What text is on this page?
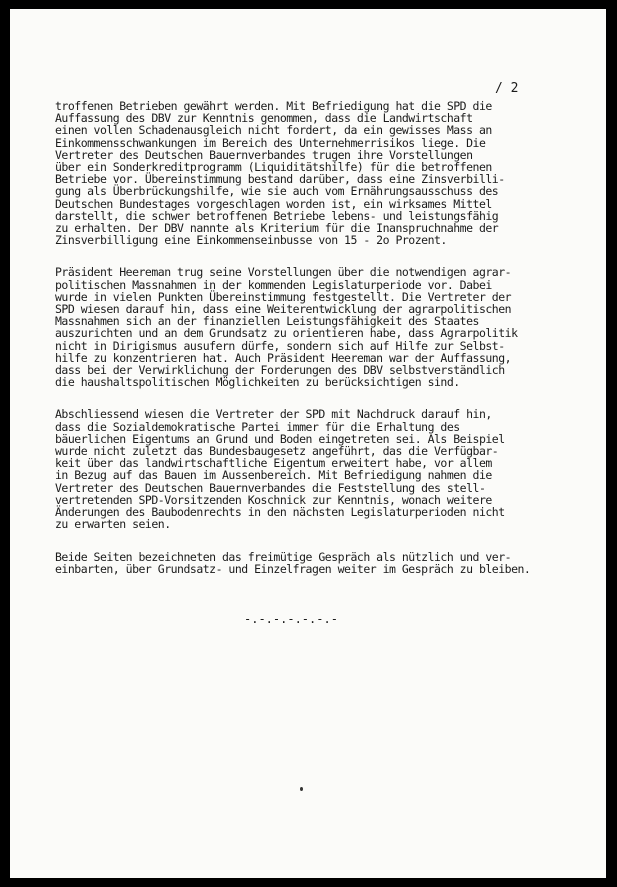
/ 2

troffenen Betrieben gewährt werden. Mit Befriedigung hat die SPD die
Auffassung des DBV zur Kenntnis genommen, dass die Landwirtschaft
einen vollen Schadenausgleich nicht fordert, da ein gewisses Mass an
Einkommensschwankungen im Bereich des Unternehmerrisikos liege. Die
Vertreter des Deutschen Bauernverbandes trugen ihre Vorstellungen
über ein Sonderkreditprogramm (Liquiditätshilfe) für die betroffenen
Betriebe vor. Übereinstimmung bestand darüber, dass eine Zinsverbilli-
gung als Überbrückungshilfe, wie sie auch vom Ernährungsausschuss des
Deutschen Bundestages vorgeschlagen worden ist, ein wirksames Mittel
darstellt, die schwer betroffenen Betriebe lebens- und leistungsfähig
zu erhalten. Der DBV nannte als Kriterium für die Inanspruchnahme der
Zinsverbilligung eine Einkommenseinbusse von 15 - 2o Prozent.

Präsident Heereman trug seine Vorstellungen über die notwendigen agrar-
politischen Massnahmen in der kommenden Legislaturperiode vor. Dabei
wurde in vielen Punkten Übereinstimmung festgestellt. Die Vertreter der
SPD wiesen darauf hin, dass eine Weiterentwicklung der agrarpolitischen
Massnahmen sich an der finanziellen Leistungsfähigkeit des Staates
auszurichten und an dem Grundsatz zu orientieren habe, dass Agrarpolitik
nicht in Dirigismus ausufern dürfe, sondern sich auf Hilfe zur Selbst-
hilfe zu konzentrieren hat. Auch Präsident Heereman war der Auffassung,
dass bei der Verwirklichung der Forderungen des DBV selbstverständlich
die haushaltspolitischen Möglichkeiten zu berücksichtigen sind.

Abschliessend wiesen die Vertreter der SPD mit Nachdruck darauf hin,
dass die Sozialdemokratische Partei immer für die Erhaltung des
bäuerlichen Eigentums an Grund und Boden eingetreten sei. Als Beispiel
wurde nicht zuletzt das Bundesbaugesetz angeführt, das die Verfügbar-
keit über das landwirtschaftliche Eigentum erweitert habe, vor allem
in Bezug auf das Bauen im Aussenbereich. Mit Befriedigung nahmen die
Vertreter des Deutschen Bauernverbandes die Feststellung des stell-
vertretenden SPD-Vorsitzenden Koschnick zur Kenntnis, wonach weitere
Änderungen des Baubodenrechts in den nächsten Legislaturperioden nicht
zu erwarten seien.

Beide Seiten bezeichneten das freimütige Gespräch als nützlich und ver-
einbarten, über Grundsatz- und Einzelfragen weiter im Gespräch zu bleiben.

-.-.-.-.-.-.-
